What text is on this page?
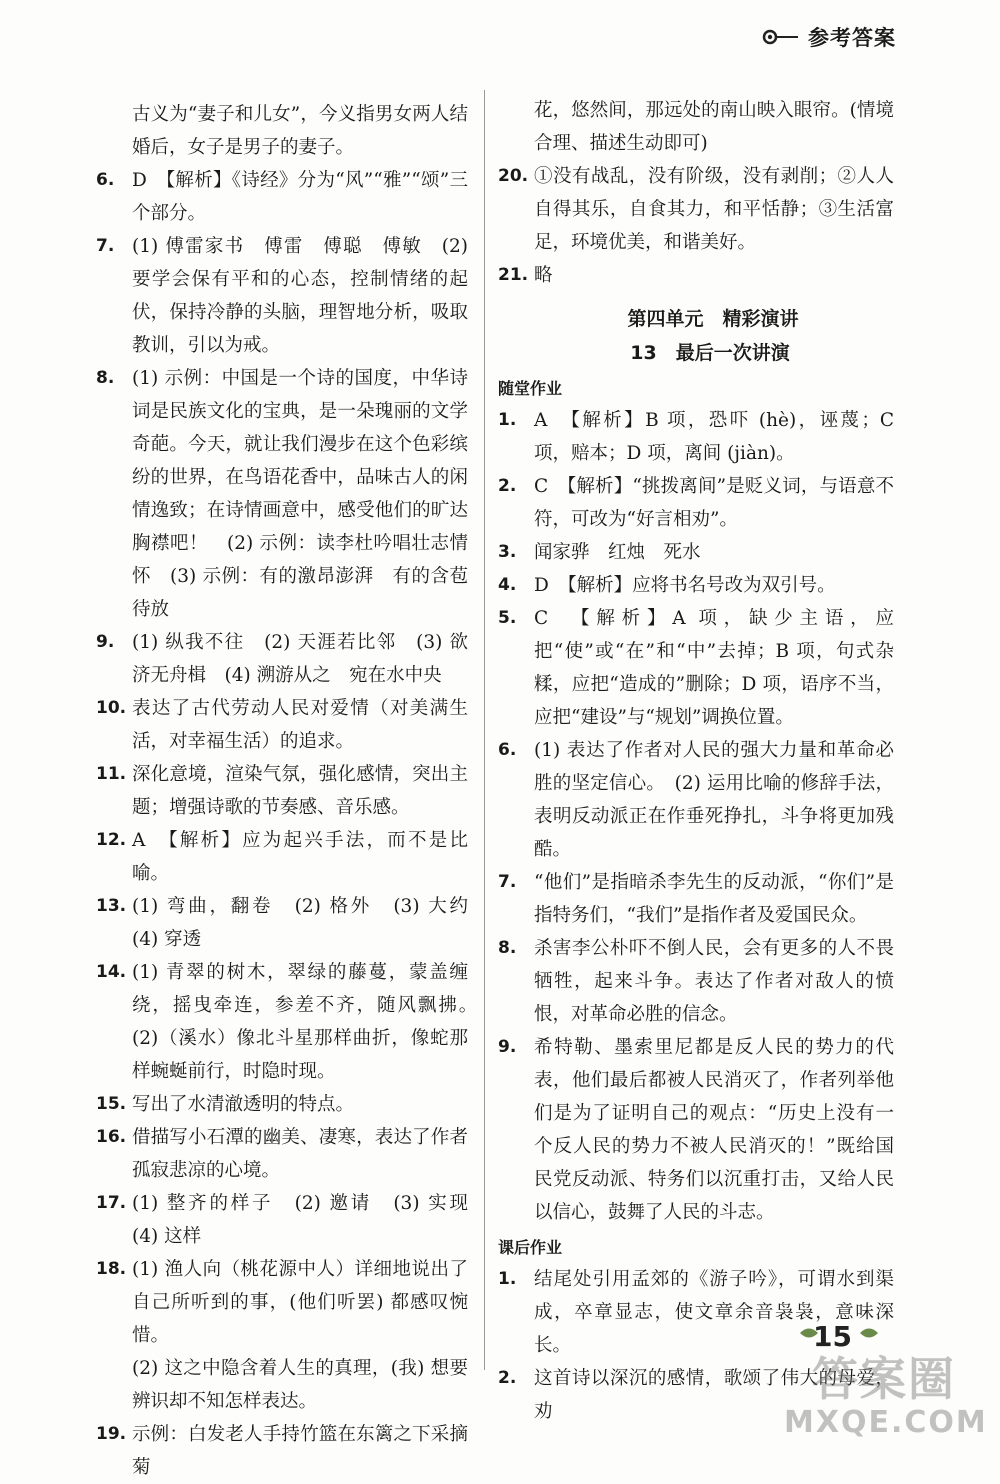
参考答案
古义为“妻子和儿女”，今义指男女两人结婚后，女子是男子的妻子。
6. D　【解析】《诗经》分为“风”“雅”“颂”三个部分。
7. (1) 傅雷家书　傅雷　傅聪　傅敏　(2) 要学会保有平和的心态，控制情绪的起伏，保持冷静的头脑，理智地分析，吸取教训，引以为戒。
8. (1) 示例：中国是一个诗的国度，中华诗词是民族文化的宝典，是一朵瑰丽的文学奇葩。今天，就让我们漫步在这个色彩缤纷的世界，在鸟语花香中，品味古人的闲情逸致；在诗情画意中，感受他们的旷达胸襟吧！　(2) 示例：读李杜吟唱壮志情怀　(3) 示例：有的激昂澎湃　有的含苞待放
9. (1) 纵我不往　(2) 天涯若比邻　(3) 欲济无舟楫　(4) 溯游从之　宛在水中央
10. 表达了古代劳动人民对爱情（对美满生活，对幸福生活）的追求。
11. 深化意境，渲染气氛，强化感情，突出主题；增强诗歌的节奏感、音乐感。
12. A　【解析】应为起兴手法，而不是比喻。
13. (1) 弯曲，翻卷　(2) 格外　(3) 大约　(4) 穿透
14. (1) 青翠的树木，翠绿的藤蔓，蒙盖缠绕，摇曳牵连，参差不齐，随风飘拂。　(2)（溪水）像北斗星那样曲折，像蛇那样蜿蜒前行，时隐时现。
15. 写出了水清澈透明的特点。
16. 借描写小石潭的幽美、凄寒，表达了作者孤寂悲凉的心境。
17. (1) 整齐的样子　(2) 邀请　(3) 实现　(4) 这样
18. (1) 渔人向（桃花源中人）详细地说出了自己所听到的事，(他们听罢) 都感叹惋惜。
(2) 这之中隐含着人生的真理，(我) 想要辨识却不知怎样表达。
19. 示例：白发老人手持竹篮在东篱之下采摘菊
花，悠然间，那远处的南山映入眼帘。(情境合理、描述生动即可)
20. ①没有战乱，没有阶级，没有剥削；②人人自得其乐，自食其力，和平恬静；③生活富足，环境优美，和谐美好。
21. 略
第四单元　精彩演讲
13　最后一次讲演
随堂作业
1. A　【解析】B 项，恐吓 (hè)，诬蔑；C 项，赔本；D 项，离间 (jiàn)。
2. C　【解析】“挑拨离间”是贬义词，与语意不符，可改为“好言相劝”。
3. 闻家骅　红烛　死水
4. D　【解析】应将书名号改为双引号。
5. C　【解析】A 项，缺少主语，应把“使”或“在”和“中”去掉；B 项，句式杂糅，应把“造成的”删除；D 项，语序不当，应把“建设”与“规划”调换位置。
6. (1) 表达了作者对人民的强大力量和革命必胜的坚定信心。　(2) 运用比喻的修辞手法，表明反动派正在作垂死挣扎，斗争将更加残酷。
7. “他们”是指暗杀李先生的反动派，“你们”是指特务们，“我们”是指作者及爱国民众。
8. 杀害李公朴吓不倒人民，会有更多的人不畏牺牲，起来斗争。表达了作者对敌人的愤恨，对革命必胜的信念。
9. 希特勒、墨索里尼都是反人民的势力的代表，他们最后都被人民消灭了，作者列举他们是为了证明自己的观点：“历史上没有一个反人民的势力不被人民消灭的！”既给国民党反动派、特务们以沉重打击，又给人民以信心，鼓舞了人民的斗志。
课后作业
1. 结尾处引用孟郊的《游子吟》，可谓水到渠成，卒章显志，使文章余音袅袅，意味深长。
2. 这首诗以深沉的感情，歌颂了伟大的母爱，劝
15
答案圈
MXQE.COM
